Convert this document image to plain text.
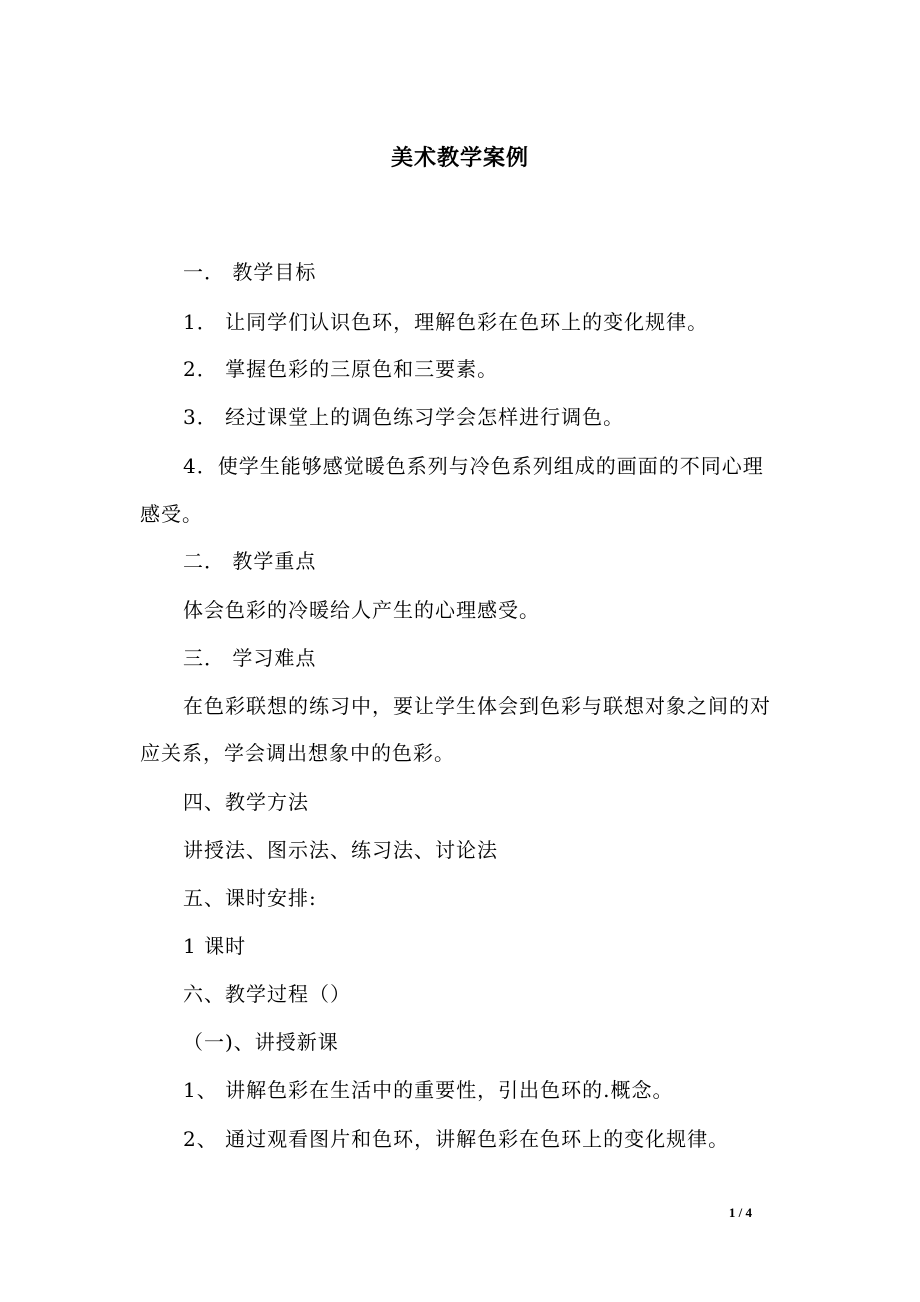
美术教学案例
一． 教学目标
1． 让同学们认识色环，理解色彩在色环上的变化规律。
2． 掌握色彩的三原色和三要素。
3． 经过课堂上的调色练习学会怎样进行调色。
4．使学生能够感觉暖色系列与冷色系列组成的画面的不同心理
感受。
二． 教学重点
体会色彩的冷暖给人产生的心理感受。
三． 学习难点
在色彩联想的练习中，要让学生体会到色彩与联想对象之间的对
应关系，学会调出想象中的色彩。
四、教学方法
讲授法、图示法、练习法、讨论法
五、课时安排:
1 课时
六、教学过程（）
（一)、讲授新课
1、 讲解色彩在生活中的重要性，引出色环的.概念。
2、 通过观看图片和色环，讲解色彩在色环上的变化规律。
1 / 4
